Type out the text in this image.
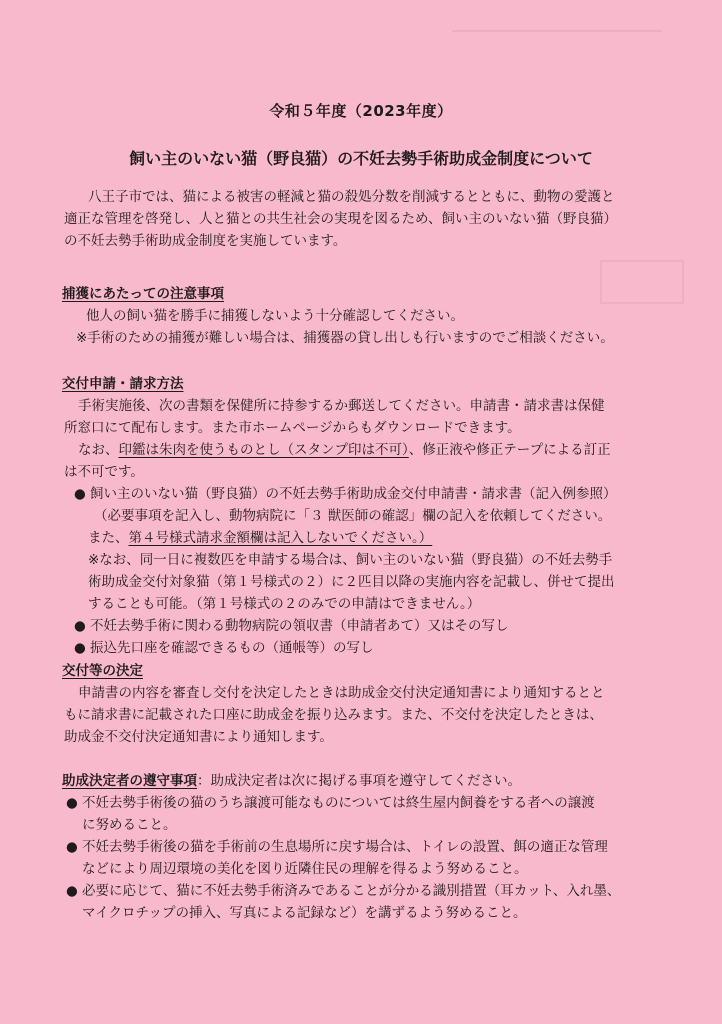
令和５年度（2023年度）
飼い主のいない猫（野良猫）の不妊去勢手術助成金制度について

八王子市では、猫による被害の軽減と猫の殺処分数を削減するとともに、動物の愛護と

適正な管理を啓発し、人と猫との共生社会の実現を図るため、飼い主のいない猫（野良猫）

の不妊去勢手術助成金制度を実施しています。

捕獲にあたっての注意事項

他人の飼い猫を勝手に捕獲しないよう十分確認してください。

※手術のための捕獲が難しい場合は、捕獲器の貸し出しも行いますのでご相談ください。

交付申請・請求方法

手術実施後、次の書類を保健所に持参するか郵送してください。申請書・請求書は保健

所窓口にて配布します。また市ホームページからもダウンロードできます。

なお、印鑑は朱肉を使うものとし（スタンプ印は不可）、修正液や修正テープによる訂正

は不可です。

● 飼い主のいない猫（野良猫）の不妊去勢手術助成金交付申請書・請求書（記入例参照）

（必要事項を記入し、動物病院に「３ 獣医師の確認」欄の記入を依頼してください。

また、第４号様式請求金額欄は記入しないでください。）

※なお、同一日に複数匹を申請する場合は、飼い主のいない猫（野良猫）の不妊去勢手

術助成金交付対象猫（第１号様式の２）に２匹目以降の実施内容を記載し、併せて提出

することも可能。（第１号様式の２のみでの申請はできません。）

● 不妊去勢手術に関わる動物病院の領収書（申請者あて）又はその写し

● 振込先口座を確認できるもの（通帳等）の写し

交付等の決定

申請書の内容を審査し交付を決定したときは助成金交付決定通知書により通知するとと

もに請求書に記載された口座に助成金を振り込みます。また、不交付を決定したときは、

助成金不交付決定通知書により通知します。

助成決定者の遵守事項：助成決定者は次に掲げる事項を遵守してください。

● 不妊去勢手術後の猫のうち譲渡可能なものについては終生屋内飼養をする者への譲渡

に努めること。

● 不妊去勢手術後の猫を手術前の生息場所に戻す場合は、トイレの設置、餌の適正な管理

などにより周辺環境の美化を図り近隣住民の理解を得るよう努めること。

● 必要に応じて、猫に不妊去勢手術済みであることが分かる識別措置（耳カット、入れ墨、

マイクロチップの挿入、写真による記録など）を講ずるよう努めること。
